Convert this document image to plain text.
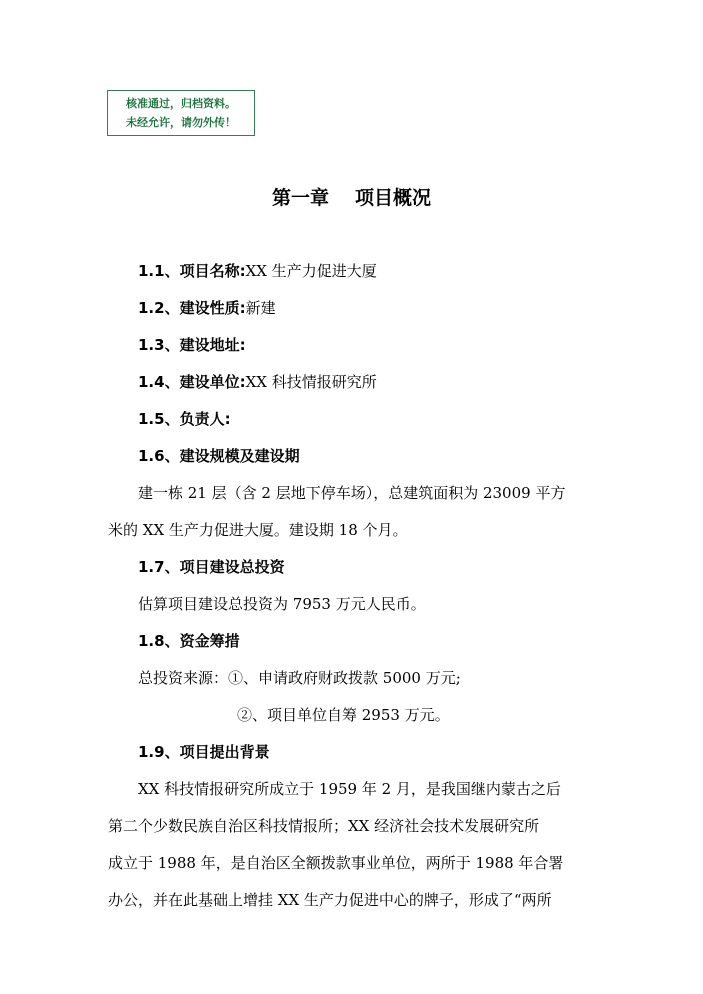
核准通过，归档资料。
未经允许，请勿外传！
第一章 项目概况
1.1、项目名称:XX 生产力促进大厦
1.2、建设性质:新建
1.3、建设地址:
1.4、建设单位:XX 科技情报研究所
1.5、负责人:
1.6、建设规模及建设期
建一栋 21 层（含 2 层地下停车场），总建筑面积为 23009 平方
米的 XX 生产力促进大厦。建设期 18 个月。
1.7、项目建设总投资
估算项目建设总投资为 7953 万元人民币。
1.8、资金筹措
总投资来源：①、申请政府财政拨款 5000 万元;
②、项目单位自筹 2953 万元。
1.9、项目提出背景
XX 科技情报研究所成立于 1959 年 2 月，是我国继内蒙古之后
第二个少数民族自治区科技情报所；XX 经济社会技术发展研究所
成立于 1988 年，是自治区全额拨款事业单位，两所于 1988 年合署
办公，并在此基础上增挂 XX 生产力促进中心的牌子，形成了“两所
